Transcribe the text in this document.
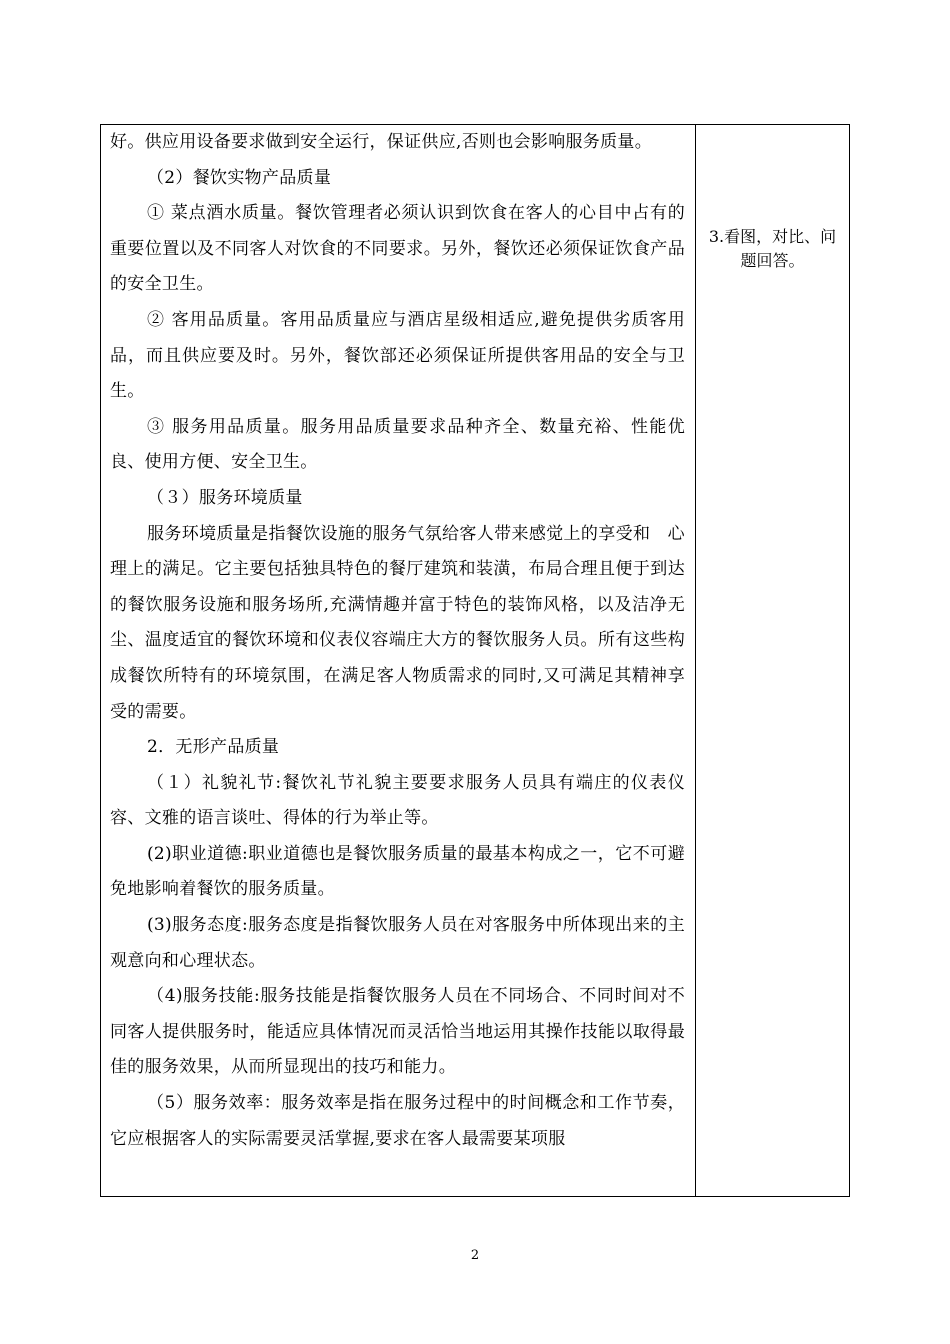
好。供应用设备要求做到安全运行，保证供应,否则也会影响服务质量。

（2）餐饮实物产品质量

① 菜点酒水质量。餐饮管理者必须认识到饮食在客人的心目中占有的重要位置以及不同客人对饮食的不同要求。另外，餐饮还必须保证饮食产品的安全卫生。

② 客用品质量。客用品质量应与酒店星级相适应,避免提供劣质客用品，而且供应要及时。另外，餐饮部还必须保证所提供客用品的安全与卫生。

③ 服务用品质量。服务用品质量要求品种齐全、数量充裕、性能优良、使用方便、安全卫生。

（３）服务环境质量

服务环境质量是指餐饮设施的服务气氛给客人带来感觉上的享受和　心理上的满足。它主要包括独具特色的餐厅建筑和装潢，布局合理且便于到达的餐饮服务设施和服务场所,充满情趣并富于特色的装饰风格，以及洁净无尘、温度适宜的餐饮环境和仪表仪容端庄大方的餐饮服务人员。所有这些构成餐饮所特有的环境氛围，在满足客人物质需求的同时,又可满足其精神享受的需要。

2．无形产品质量

（１）礼貌礼节:餐饮礼节礼貌主要要求服务人员具有端庄的仪表仪容、文雅的语言谈吐、得体的行为举止等。

(2)职业道德:职业道德也是餐饮服务质量的最基本构成之一，它不可避免地影响着餐饮的服务质量。

(3)服务态度:服务态度是指餐饮服务人员在对客服务中所体现出来的主观意向和心理状态。

（4)服务技能:服务技能是指餐饮服务人员在不同场合、不同时间对不同客人提供服务时，能适应具体情况而灵活恰当地运用其操作技能以取得最佳的服务效果，从而所显现出的技巧和能力。

（5）服务效率：服务效率是指在服务过程中的时间概念和工作节奏，它应根据客人的实际需要灵活掌握,要求在客人最需要某项服

3.看图，对比、问题回答。

2
